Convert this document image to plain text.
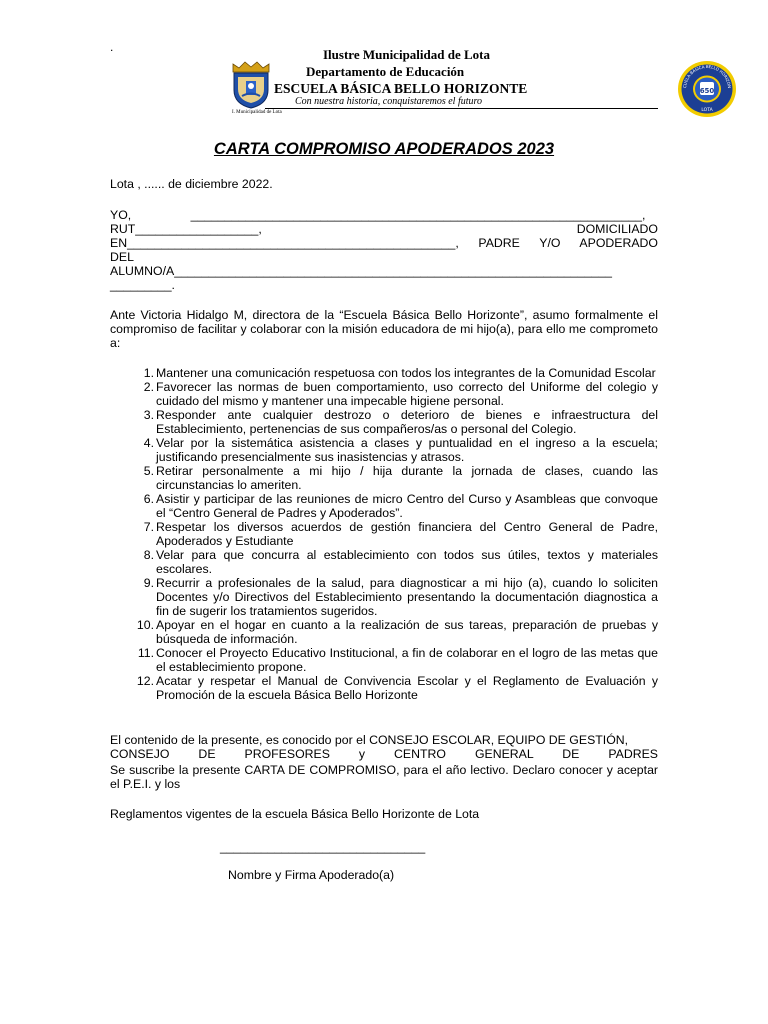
.
I. Municipalidad de Lota
Ilustre Municipalidad de Lota
Departamento de Educación
ESCUELA BÁSICA BELLO HORIZONTE
Con nuestra historia, conquistaremos el futuro
650
CUELA BÁSICA BELLO HORIZON
LOTA
CARTA COMPROMISO APODERADOS 2023
Lota , ...... de diciembre 2022.
YO, __________________________________________________________________,
RUT__________________,	DOMICILIADO
EN________________________________________________, PADRE Y/O APODERADO
DEL
ALUMNO/A________________________________________________________________
_________.
Ante Victoria Hidalgo M, directora de la “Escuela Básica Bello Horizonte”, asumo formalmente el compromiso de facilitar y colaborar con la misión educadora de mi hijo(a), para ello me comprometo a:
1. Mantener una comunicación respetuosa con todos los integrantes de la Comunidad Escolar
2. Favorecer las normas de buen comportamiento, uso correcto del Uniforme del colegio y cuidado del mismo y mantener una impecable higiene personal.
3. Responder ante cualquier destrozo o deterioro de bienes e infraestructura del Establecimiento, pertenencias de sus compañeros/as o personal del Colegio.
4. Velar por la sistemática asistencia a clases y puntualidad en el ingreso a la escuela; justificando presencialmente sus inasistencias y atrasos.
5. Retirar personalmente a mi hijo / hija durante la jornada de clases, cuando las circunstancias lo ameriten.
6. Asistir y participar de las reuniones de micro Centro del Curso y Asambleas que convoque el “Centro General de Padres y Apoderados”.
7. Respetar los diversos acuerdos de gestión financiera del Centro General de Padre, Apoderados y Estudiante
8. Velar para que concurra al establecimiento con todos sus útiles, textos y materiales escolares.
9. Recurrir a profesionales de la salud, para diagnosticar a mi hijo (a), cuando lo soliciten Docentes y/o Directivos del Establecimiento presentando la documentación diagnostica a fin de sugerir los tratamientos sugeridos.
10. Apoyar en el hogar en cuanto a la realización de sus tareas, preparación de pruebas y búsqueda de información.
11. Conocer el Proyecto Educativo Institucional, a fin de colaborar en el logro de las metas que el establecimiento propone.
12. Acatar y respetar el Manual de Convivencia Escolar y el Reglamento de Evaluación y Promoción de la escuela Básica Bello Horizonte
El contenido de la presente, es conocido por el CONSEJO ESCOLAR, EQUIPO DE GESTIÓN,
CONSEJO DE PROFESORES y CENTRO GENERAL DE PADRES
Se suscribe la presente CARTA DE COMPROMISO, para el año lectivo. Declaro conocer y aceptar el P.E.I. y los
Reglamentos vigentes de la escuela Básica Bello Horizonte de Lota
______________________________
Nombre y Firma Apoderado(a)
